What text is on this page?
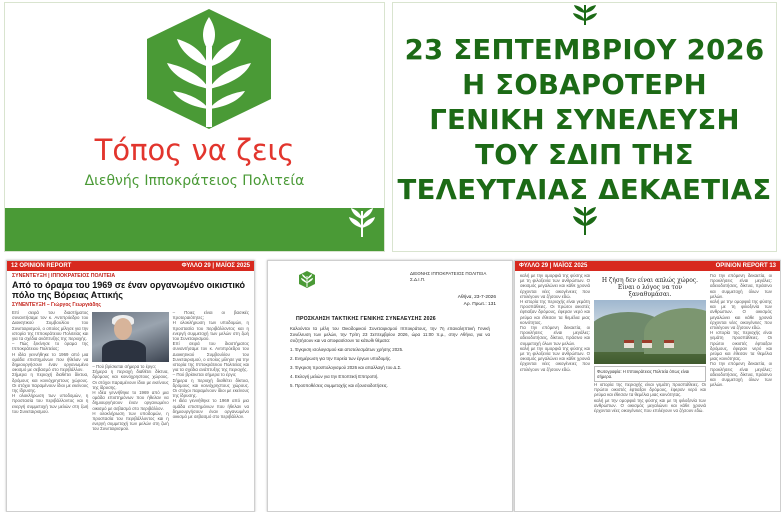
Τόπος να ζεις
Διεθνής Ιπποκράτειος Πολιτεία
23 ΣΕΠΤΕΜΒΡΙΟΥ 2026
Η ΣΟΒΑΡΟΤΕΡΗ
ΓΕΝΙΚΗ ΣΥΝΕΛΕΥΣΗ
ΤΟΥ ΣΔΙΠ ΤΗΣ
ΤΕΛΕΥΤΑΙΑΣ ΔΕΚΑΕΤΙΑΣ
12 OPINION REPORT	ΦΥΛΛΟ 29 | ΜΑΪΟΣ 2025
ΣΥΝΕΝΤΕΥΞΗ | ΙΠΠΟΚΡΑΤΕΙΟΣ ΠΟΛΙΤΕΙΑ
Από το όραμα του 1969 σε έναν οργανωμένο οικιστικό πόλο της Βόρειας Αττικής
ΣΥΝΕΝΤΕΥΞΗ – Γιώργος Γεωργιάδης

Επί σειρά του διαστήματος συναντήσαμε τον κ. Αντιπρόεδρο του Διοικητικού Συμβουλίου του Συνεταιρισμού, ο οποίος μίλησε για την ιστορία της Ιπποκράτειου Πολιτείας και για τα σχέδια ανάπτυξης της περιοχής.

– Πώς ξεκίνησε το όραμα της Ιπποκράτειου Πολιτείας;

Η ιδέα γεννήθηκε το 1969 από μια ομάδα επιστημόνων που ήθελαν να δημιουργήσουν έναν οργανωμένο οικισμό με σεβασμό στο περιβάλλον.

Σήμερα η περιοχή διαθέτει δίκτυα, δρόμους και κοινόχρηστους χώρους. Οι στόχοι παραμένουν ίδιοι με εκείνους της ίδρυσης.

Η ολοκλήρωση των υποδομών, η προστασία του περιβάλλοντος και η ενεργή συμμετοχή των μελών στη ζωή του Συνεταιρισμού.

– Πού βρίσκεται σήμερα το έργο;

Σήμερα η περιοχή διαθέτει δίκτυα, δρόμους και κοινόχρηστους χώρους. Οι στόχοι παραμένουν ίδιοι με εκείνους της ίδρυσης.

Η ιδέα γεννήθηκε το 1969 από μια ομάδα επιστημόνων που ήθελαν να δημιουργήσουν έναν οργανωμένο οικισμό με σεβασμό στο περιβάλλον.

Η ολοκλήρωση των υποδομών, η προστασία του περιβάλλοντος και η ενεργή συμμετοχή των μελών στη ζωή του Συνεταιρισμού.

– Ποιες είναι οι βασικές προτεραιότητες;

Η ολοκλήρωση των υποδομών, η προστασία του περιβάλλοντος και η ενεργή συμμετοχή των μελών στη ζωή του Συνεταιρισμού.

Επί σειρά του διαστήματος συναντήσαμε τον κ. Αντιπρόεδρο του Διοικητικού Συμβουλίου του Συνεταιρισμού, ο οποίος μίλησε για την ιστορία της Ιπποκράτειου Πολιτείας και για τα σχέδια ανάπτυξης της περιοχής.

– Πού βρίσκεται σήμερα το έργο;

Σήμερα η περιοχή διαθέτει δίκτυα, δρόμους και κοινόχρηστους χώρους. Οι στόχοι παραμένουν ίδιοι με εκείνους της ίδρυσης.

Η ιδέα γεννήθηκε το 1969 από μια ομάδα επιστημόνων που ήθελαν να δημιουργήσουν έναν οργανωμένο οικισμό με σεβασμό στο περιβάλλον.

ΔΙΕΘΝΗΣ ΙΠΠΟΚΡΑΤΕΙΟΣ ΠΟΛΙΤΕΙΑ Σ.Δ.Ι.Π.
Αθήνα, 23-7-2026
Αρ. Πρωτ.: 131
ΠΡΟΣΚΛΗΣΗ ΤΑΚΤΙΚΗΣ ΓΕΝΙΚΗΣ ΣΥΝΕΛΕΥΣΗΣ 2026

Καλούνται τα μέλη του Οικοδομικού Συνεταιρισμού Ιπποκράτους, την 7η επαναληπτική Γενική Συνέλευση των μελών, την Τρίτη 23 Σεπτεμβρίου 2026, ώρα 11:00 π.μ., στην Αθήνα, για να συζητήσουν και να αποφασίσουν τα κάτωθι θέματα:

1. Έγκριση ισολογισμού και αποτελεσμάτων χρήσης 2025.

2. Ενημέρωση για την πορεία των έργων υποδομής.

3. Έγκριση προϋπολογισμού 2026 και απαλλαγή του Δ.Σ.

4. Εκλογή μελών για την Εποπτική Επιτροπή.

5. Προϋποθέσεις συμμετοχής και εξουσιοδοτήσεις.

ΦΥΛΛΟ 29 | ΜΑΪΟΣ 2025	OPINION REPORT 13

καλή με την ομορφιά της φύσης και με τη φιλοξενία των ανθρώπων. Ο οικισμός μεγαλώνει και κάθε χρονιά έρχονται νέες οικογένειες που επιλέγουν να ζήσουν εδώ.

Η ιστορία της περιοχής είναι γεμάτη προσπάθειες. Οι πρώτοι οικιστές έφτιαξαν δρόμους, έφεραν νερό και ρεύμα και έθεσαν τα θεμέλια μιας κοινότητας.

Για την επόμενη δεκαετία, οι προκλήσεις είναι μεγάλες: αδειοδοτήσεις, δίκτυα, πράσινο και συμμετοχή όλων των μελών.

καλή με την ομορφιά της φύσης και με τη φιλοξενία των ανθρώπων. Ο οικισμός μεγαλώνει και κάθε χρονιά έρχονται νέες οικογένειες που επιλέγουν να ζήσουν εδώ.

Η ζήση δεν είναι απλώς χώρος. Είναι ο λόγος να τον ξαναθυμάσαι.
Φωτογραφία: Η Ιπποκράτειος Πολιτεία όπως είναι σήμερα.

Η ιστορία της περιοχής είναι γεμάτη προσπάθειες. Οι πρώτοι οικιστές έφτιαξαν δρόμους, έφεραν νερό και ρεύμα και έθεσαν τα θεμέλια μιας κοινότητας.

καλή με την ομορφιά της φύσης και με τη φιλοξενία των ανθρώπων. Ο οικισμός μεγαλώνει και κάθε χρονιά έρχονται νέες οικογένειες που επιλέγουν να ζήσουν εδώ.

Για την επόμενη δεκαετία, οι προκλήσεις είναι μεγάλες: αδειοδοτήσεις, δίκτυα, πράσινο και συμμετοχή όλων των μελών.

καλή με την ομορφιά της φύσης και με τη φιλοξενία των ανθρώπων. Ο οικισμός μεγαλώνει και κάθε χρονιά έρχονται νέες οικογένειες που επιλέγουν να ζήσουν εδώ.

Η ιστορία της περιοχής είναι γεμάτη προσπάθειες. Οι πρώτοι οικιστές έφτιαξαν δρόμους, έφεραν νερό και ρεύμα και έθεσαν τα θεμέλια μιας κοινότητας.

Για την επόμενη δεκαετία, οι προκλήσεις είναι μεγάλες: αδειοδοτήσεις, δίκτυα, πράσινο και συμμετοχή όλων των μελών.
